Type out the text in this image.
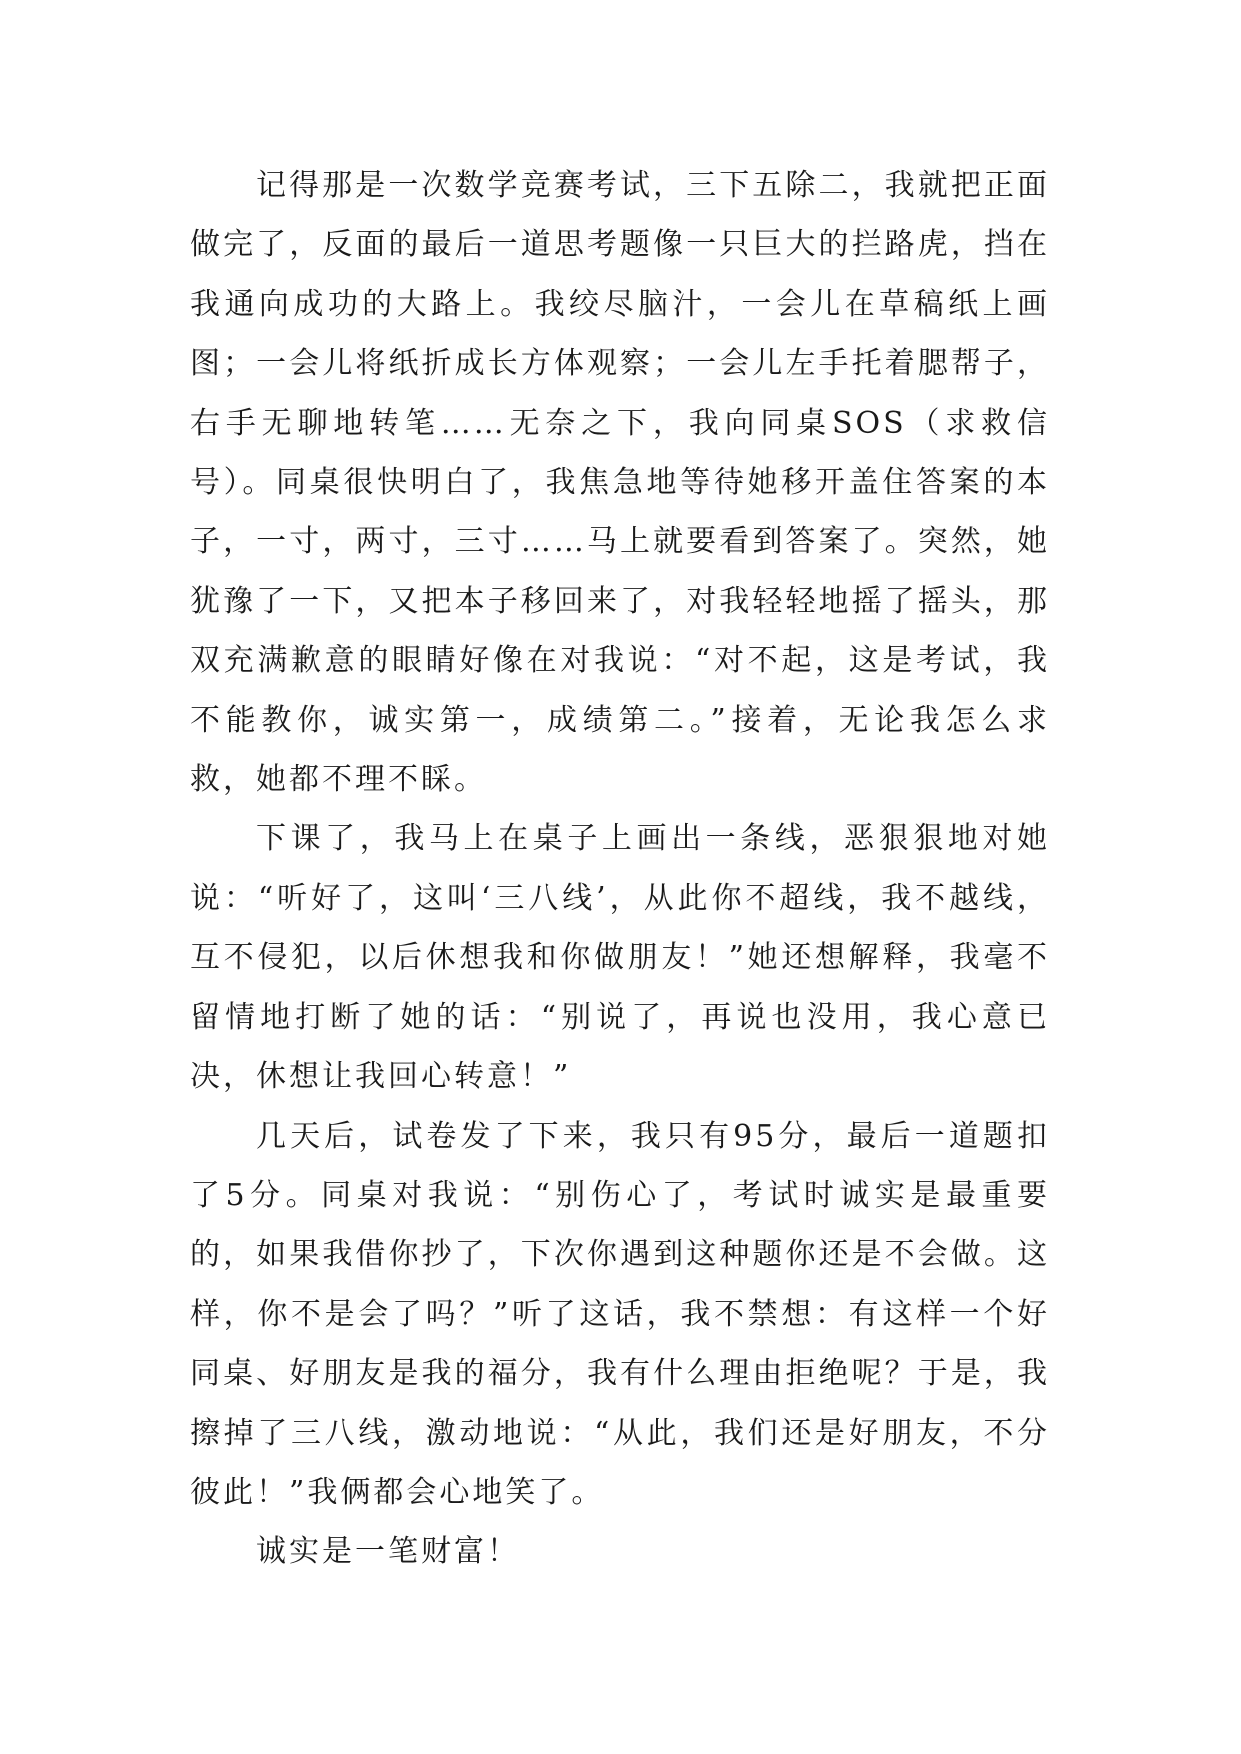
记得那是一次数学竞赛考试，三下五除二，我就把正面做完了，反面的最后一道思考题像一只巨大的拦路虎，挡在我通向成功的大路上。我绞尽脑汁，一会儿在草稿纸上画图；一会儿将纸折成长方体观察；一会儿左手托着腮帮子，右手无聊地转笔……无奈之下，我向同桌SOS（求救信号）。同桌很快明白了，我焦急地等待她移开盖住答案的本子，一寸，两寸，三寸……马上就要看到答案了。突然，她犹豫了一下，又把本子移回来了，对我轻轻地摇了摇头，那双充满歉意的眼睛好像在对我说：“对不起，这是考试，我不能教你，诚实第一，成绩第二。”接着，无论我怎么求救，她都不理不睬。

下课了，我马上在桌子上画出一条线，恶狠狠地对她说：“听好了，这叫‘三八线’，从此你不超线，我不越线，互不侵犯，以后休想我和你做朋友！”她还想解释，我毫不留情地打断了她的话：“别说了，再说也没用，我心意已决，休想让我回心转意！”

几天后，试卷发了下来，我只有95分，最后一道题扣了5分。同桌对我说：“别伤心了，考试时诚实是最重要的，如果我借你抄了，下次你遇到这种题你还是不会做。这样，你不是会了吗？”听了这话，我不禁想：有这样一个好同桌、好朋友是我的福分，我有什么理由拒绝呢？于是，我擦掉了三八线，激动地说：“从此，我们还是好朋友，不分彼此！”我俩都会心地笑了。

诚实是一笔财富！
